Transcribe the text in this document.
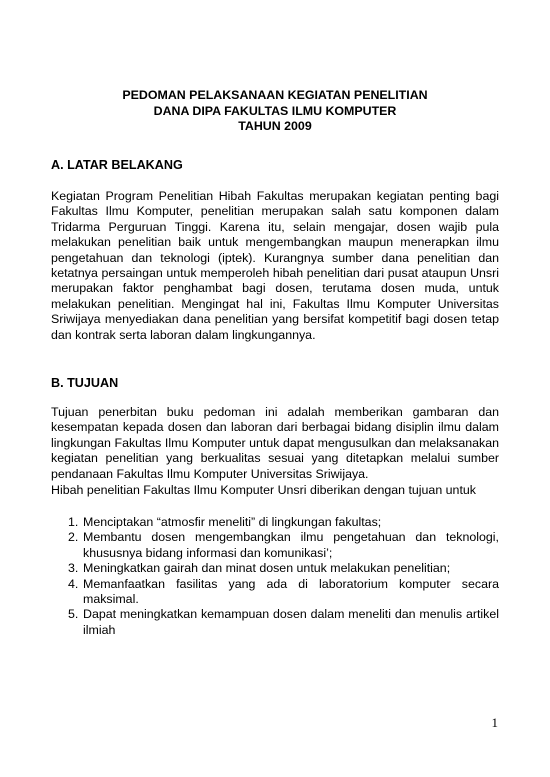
PEDOMAN PELAKSANAAN KEGIATAN PENELITIAN
DANA DIPA FAKULTAS ILMU KOMPUTER
TAHUN 2009
A. LATAR BELAKANG

Kegiatan Program Penelitian Hibah Fakultas merupakan kegiatan penting bagi Fakultas Ilmu Komputer, penelitian merupakan salah satu komponen dalam Tridarma Perguruan Tinggi. Karena itu, selain mengajar, dosen wajib pula melakukan penelitian baik untuk mengembangkan maupun menerapkan ilmu pengetahuan dan teknologi (iptek). Kurangnya sumber dana penelitian dan ketatnya persaingan untuk memperoleh hibah penelitian dari pusat ataupun Unsri merupakan faktor penghambat bagi dosen, terutama dosen muda, untuk melakukan penelitian. Mengingat hal ini, Fakultas Ilmu Komputer Universitas Sriwijaya menyediakan dana penelitian yang bersifat kompetitif bagi dosen tetap dan kontrak serta laboran dalam lingkungannya.

B. TUJUAN

Tujuan penerbitan buku pedoman ini adalah memberikan gambaran dan kesempatan kepada dosen dan laboran dari berbagai bidang disiplin ilmu dalam lingkungan Fakultas Ilmu Komputer untuk dapat mengusulkan dan melaksanakan kegiatan penelitian yang berkualitas sesuai yang ditetapkan melalui sumber pendanaan Fakultas Ilmu Komputer Universitas Sriwijaya.

Hibah penelitian Fakultas Ilmu Komputer Unsri diberikan dengan tujuan untuk

1. Menciptakan “atmosfir meneliti” di lingkungan fakultas;
2. Membantu dosen mengembangkan ilmu pengetahuan dan teknologi, khususnya bidang informasi dan komunikasi’;
3. Meningkatkan gairah dan minat dosen untuk melakukan penelitian;
4. Memanfaatkan fasilitas yang ada di laboratorium komputer secara maksimal.
5. Dapat meningkatkan kemampuan dosen dalam meneliti dan menulis artikel ilmiah
1
